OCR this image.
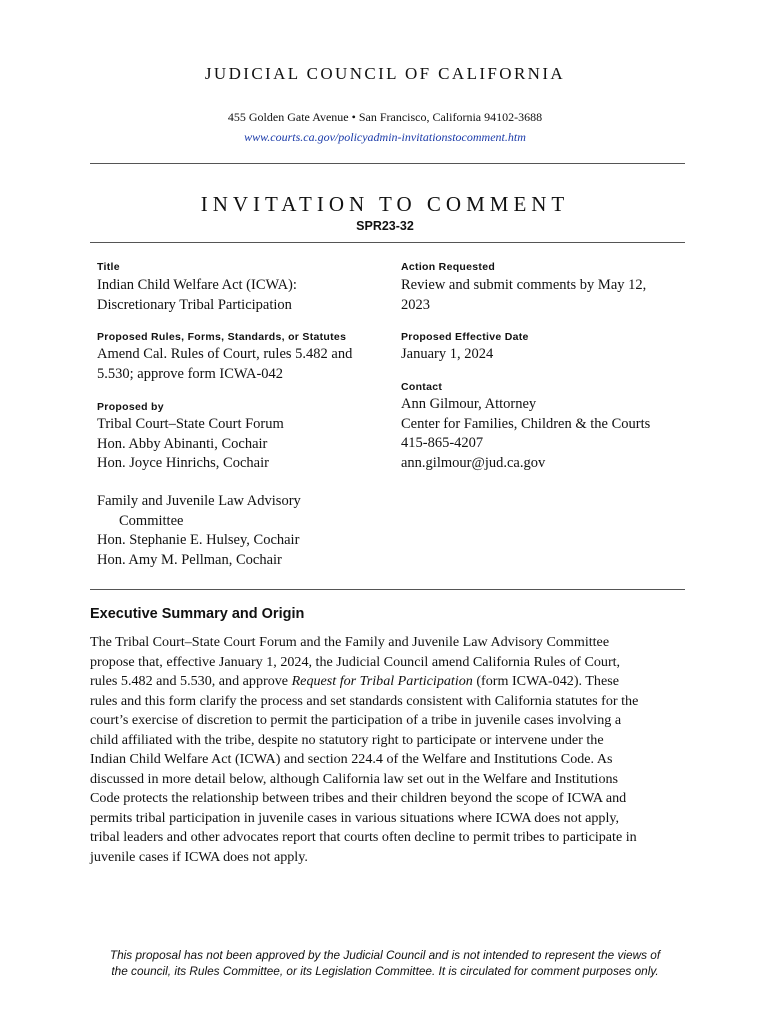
JUDICIAL COUNCIL OF CALIFORNIA
455 Golden Gate Avenue • San Francisco, California 94102-3688
www.courts.ca.gov/policyadmin-invitationstocomment.htm
INVITATION TO COMMENT
SPR23-32
Title
Indian Child Welfare Act (ICWA):
Discretionary Tribal Participation
Proposed Rules, Forms, Standards, or Statutes
Amend Cal. Rules of Court, rules 5.482 and
5.530; approve form ICWA-042
Proposed by
Tribal Court–State Court Forum
Hon. Abby Abinanti, Cochair
Hon. Joyce Hinrichs, Cochair
Family and Juvenile Law Advisory
Committee
Hon. Stephanie E. Hulsey, Cochair
Hon. Amy M. Pellman, Cochair
Action Requested
Review and submit comments by May 12,
2023
Proposed Effective Date
January 1, 2024
Contact
Ann Gilmour, Attorney
Center for Families, Children & the Courts
415-865-4207
ann.gilmour@jud.ca.gov
Executive Summary and Origin
The Tribal Court–State Court Forum and the Family and Juvenile Law Advisory Committee
propose that, effective January 1, 2024, the Judicial Council amend California Rules of Court,
rules 5.482 and 5.530, and approve Request for Tribal Participation (form ICWA-042). These
rules and this form clarify the process and set standards consistent with California statutes for the
court’s exercise of discretion to permit the participation of a tribe in juvenile cases involving a
child affiliated with the tribe, despite no statutory right to participate or intervene under the
Indian Child Welfare Act (ICWA) and section 224.4 of the Welfare and Institutions Code. As
discussed in more detail below, although California law set out in the Welfare and Institutions
Code protects the relationship between tribes and their children beyond the scope of ICWA and
permits tribal participation in juvenile cases in various situations where ICWA does not apply,
tribal leaders and other advocates report that courts often decline to permit tribes to participate in
juvenile cases if ICWA does not apply.
This proposal has not been approved by the Judicial Council and is not intended to represent the views of
the council, its Rules Committee, or its Legislation Committee. It is circulated for comment purposes only.
